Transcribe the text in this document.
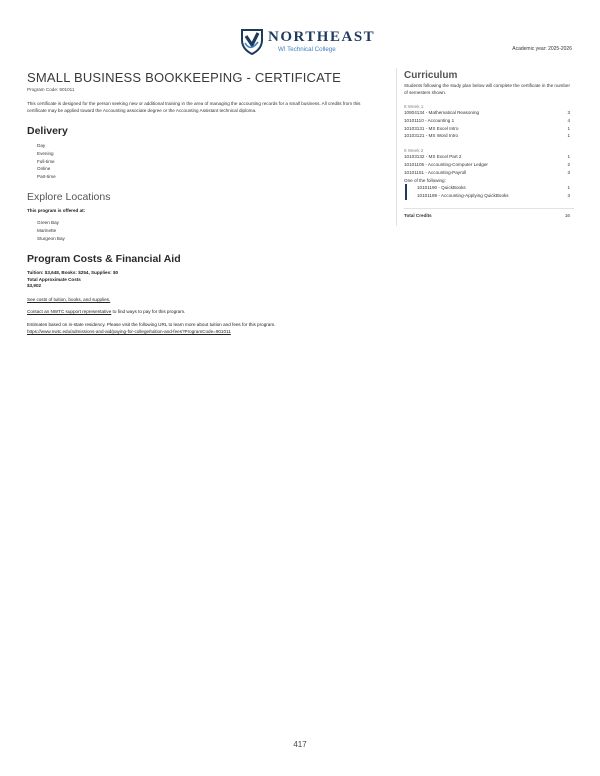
NORTHEAST
WI Technical College	Academic year: 2025-2026
SMALL BUSINESS BOOKKEEPING - CERTIFICATE
Program Code: 901011

This certificate is designed for the person seeking new or additional training in the area of managing the accounting records for a small business. All credits from this certificate may be applied toward the Accounting associate degree or the Accounting Assistant technical diploma.

Delivery
Day
Evening
Full-time
Online
Part-time
Explore Locations
This program is offered at:
Green Bay
Marinette
Sturgeon Bay
Program Costs & Financial Aid
Tuition: $3,648, Books: $254, Supplies: $0
Total Approximate Costs
$3,902
See costs of tuition, books, and supplies.

Contact an NWTC support representative to find ways to pay for this program.

Estimates based on in-state residency. Please visit the following URL to learn more about tuition and fees for this program.

https://www.nwtc.edu/admissions-and-aid/paying-for-college/tuition-and-fees?ProgramCode=901011
Curriculum

Students following the study plan below will complete the certificate in the number of semesters shown.

8 Week 1
10804134 - Mathematical Reasoning	3
10101110 - Accounting 1	4
10103131 - MS Excel Intro	1
10103121 - MS Word Intro	1
8 Week 2
10103132 - MS Excel Part 2	1
10101105 - Accounting-Computer Ledger	2
10101151 - Accounting-Payroll	3
One of the following:
10101190 - QuickBooks	1
10101189 - Accounting-Applying QuickBooks	3
Total Credits	16
417
